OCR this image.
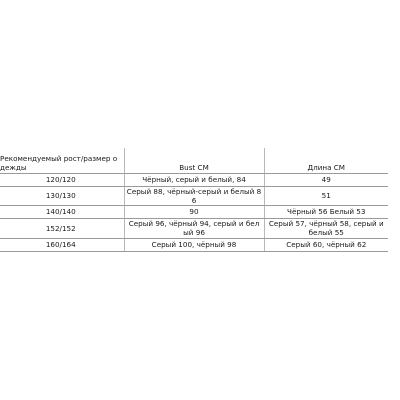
Рекомендуемый рост/размер одежды	Bust CM	Длина CM
120/120	Чёрный, серый и белый, 84	49
130/130	Серый 88, чёрный-серый и белый 86	51
140/140	90	Чёрный 56 Белый 53
152/152	Серый 96, чёрный 94, серый и белый 96	Серый 57, чёрный 58, серый и белый 55
160/164	Серый 100, чёрный 98	Серый 60, чёрный 62
